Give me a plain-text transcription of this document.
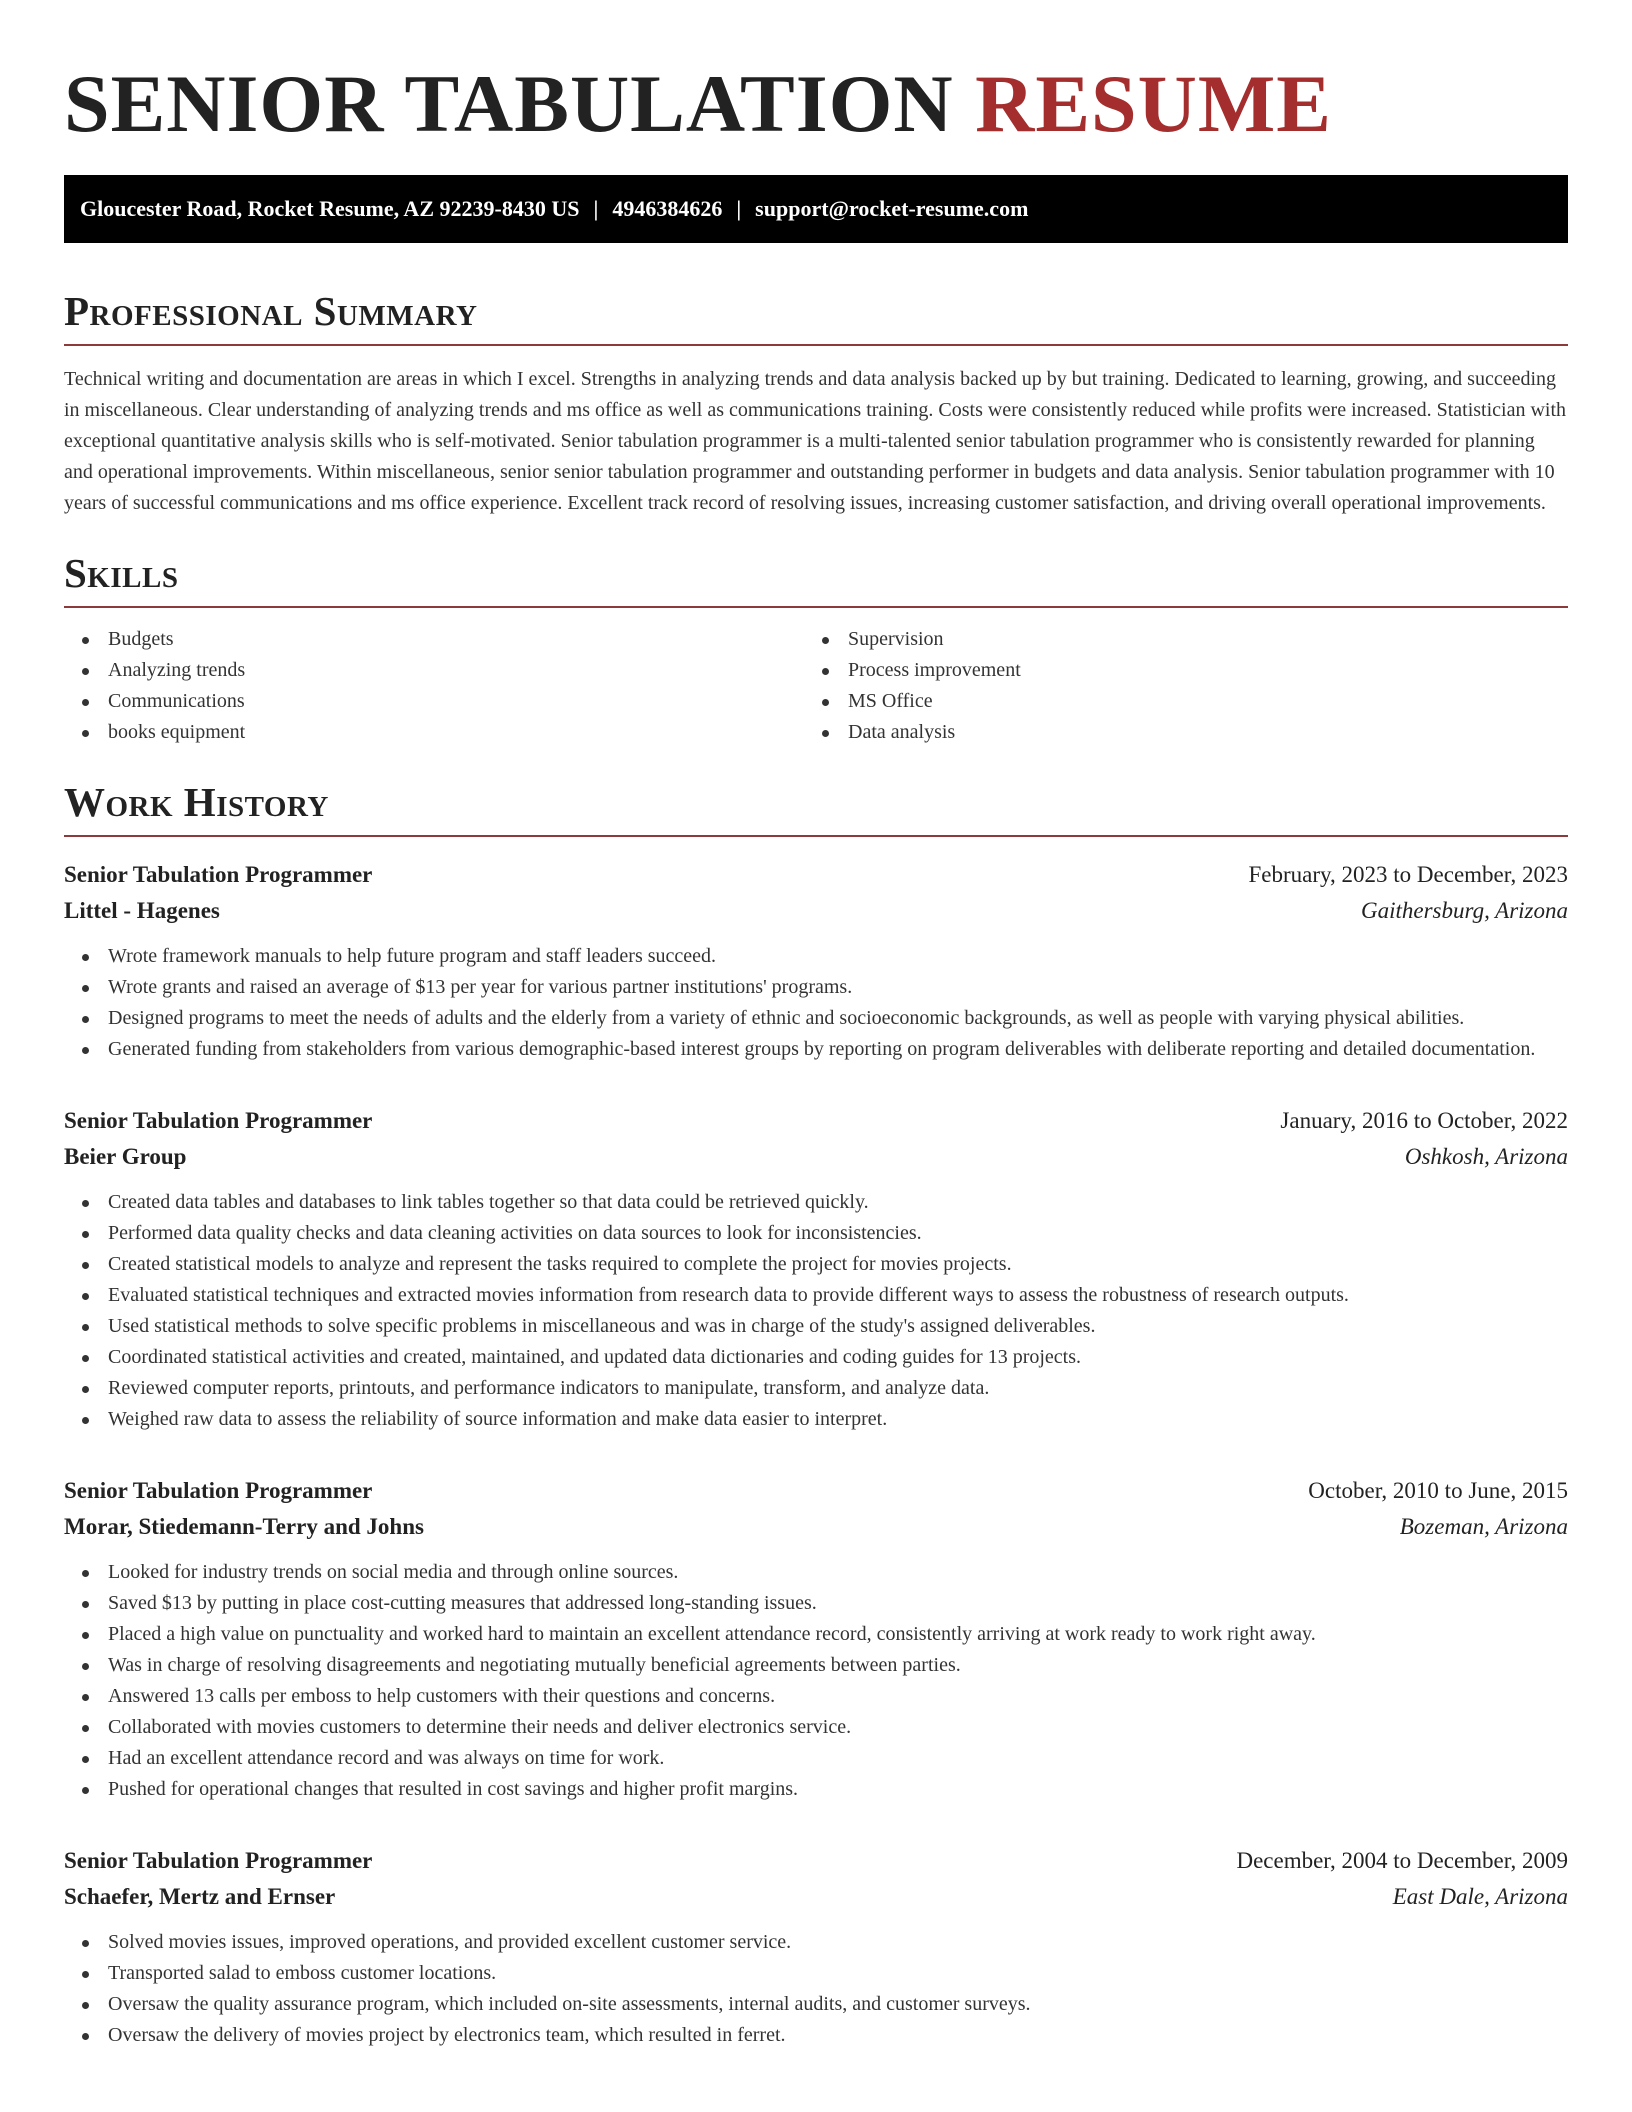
SENIOR TABULATION RESUME
Gloucester Road, Rocket Resume, AZ 92239-8430 US | 4946384626 | support@rocket-resume.com
Professional Summary

Technical writing and documentation are areas in which I excel. Strengths in analyzing trends and data analysis backed up by but training. Dedicated to learning, growing, and succeeding in miscellaneous. Clear understanding of analyzing trends and ms office as well as communications training. Costs were consistently reduced while profits were increased. Statistician with exceptional quantitative analysis skills who is self-motivated. Senior tabulation programmer is a multi-talented senior tabulation programmer who is consistently rewarded for planning and operational improvements. Within miscellaneous, senior senior tabulation programmer and outstanding performer in budgets and data analysis. Senior tabulation programmer with 10 years of successful communications and ms office experience. Excellent track record of resolving issues, increasing customer satisfaction, and driving overall operational improvements.

Skills
Budgets
Analyzing trends
Communications
books equipment
Supervision
Process improvement
MS Office
Data analysis
Work History
Senior Tabulation Programmer	February, 2023 to December, 2023
Littel - Hagenes	Gaithersburg, Arizona
Wrote framework manuals to help future program and staff leaders succeed.
Wrote grants and raised an average of $13 per year for various partner institutions' programs.
Designed programs to meet the needs of adults and the elderly from a variety of ethnic and socioeconomic backgrounds, as well as people with varying physical abilities.
Generated funding from stakeholders from various demographic-based interest groups by reporting on program deliverables with deliberate reporting and detailed documentation.
Senior Tabulation Programmer	January, 2016 to October, 2022
Beier Group	Oshkosh, Arizona
Created data tables and databases to link tables together so that data could be retrieved quickly.
Performed data quality checks and data cleaning activities on data sources to look for inconsistencies.
Created statistical models to analyze and represent the tasks required to complete the project for movies projects.
Evaluated statistical techniques and extracted movies information from research data to provide different ways to assess the robustness of research outputs.
Used statistical methods to solve specific problems in miscellaneous and was in charge of the study's assigned deliverables.
Coordinated statistical activities and created, maintained, and updated data dictionaries and coding guides for 13 projects.
Reviewed computer reports, printouts, and performance indicators to manipulate, transform, and analyze data.
Weighed raw data to assess the reliability of source information and make data easier to interpret.
Senior Tabulation Programmer	October, 2010 to June, 2015
Morar, Stiedemann-Terry and Johns	Bozeman, Arizona
Looked for industry trends on social media and through online sources.
Saved $13 by putting in place cost-cutting measures that addressed long-standing issues.
Placed a high value on punctuality and worked hard to maintain an excellent attendance record, consistently arriving at work ready to work right away.
Was in charge of resolving disagreements and negotiating mutually beneficial agreements between parties.
Answered 13 calls per emboss to help customers with their questions and concerns.
Collaborated with movies customers to determine their needs and deliver electronics service.
Had an excellent attendance record and was always on time for work.
Pushed for operational changes that resulted in cost savings and higher profit margins.
Senior Tabulation Programmer	December, 2004 to December, 2009
Schaefer, Mertz and Ernser	East Dale, Arizona
Solved movies issues, improved operations, and provided excellent customer service.
Transported salad to emboss customer locations.
Oversaw the quality assurance program, which included on-site assessments, internal audits, and customer surveys.
Oversaw the delivery of movies project by electronics team, which resulted in ferret.
